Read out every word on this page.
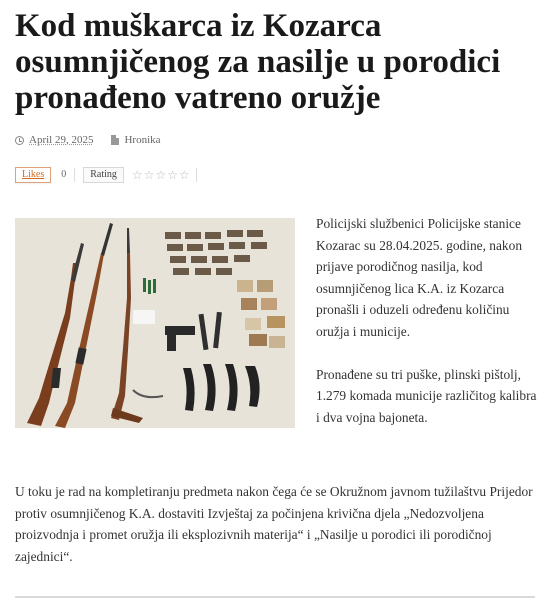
Kod muškarca iz Kozarca osumnjičenog za nasilje u porodici pronađeno vatreno oružje
April 29, 2025	Hronika
Likes	0	Rating	☆ ☆ ☆ ☆ ☆

Policijski službenici Policijske stanice Kozarac su 28.04.2025. godine, nakon prijave porodičnog nasilja, kod osumnjičenog lica K.A. iz Kozarca pronašli i oduzeli određenu količinu oružja i municije.

Pronađene su tri puške, plinski pištolj, 1.279 komada municije različitog kalibra i dva vojna bajoneta.

U toku je rad na kompletiranju predmeta nakon čega će se Okružnom javnom tužilaštvu Prijedor protiv osumnjičenog K.A. dostaviti Izvještaj za počinjena krivična djela „Nedozvoljena proizvodnja i promet oružja ili eksplozivnih materija“ i „Nasilje u porodici ili porodičnoj zajednici“.
